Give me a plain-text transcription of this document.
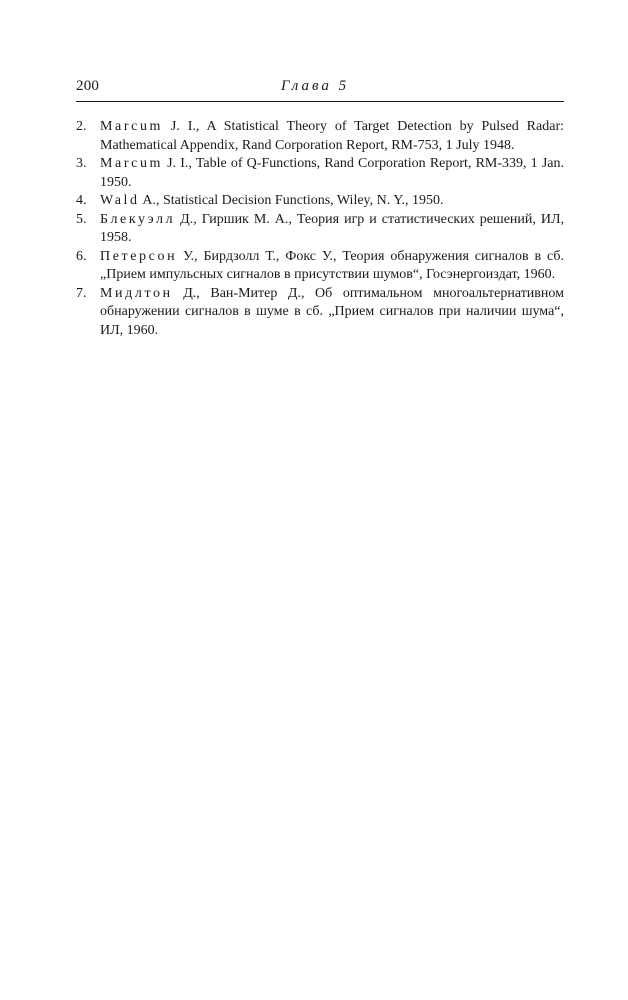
200	Глава 5
2. Marcum J. I., A Statistical Theory of Target Detection by Pulsed Radar: Mathematical Appendix, Rand Corporation Report, RM-753, 1 July 1948.
3. Marcum J. I., Table of Q-Functions, Rand Corporation Report, RM-339, 1 Jan. 1950.
4. Wald A., Statistical Decision Functions, Wiley, N. Y., 1950.
5. Блекуэлл Д., Гиршик М. А., Теория игр и статистических решений, ИЛ, 1958.
6. Петерсон У., Бирдзолл Т., Фокс У., Теория обнаружения сигналов в сб. „Прием импульсных сигналов в присутствии шумов“, Госэнергоиздат, 1960.
7. Мидлтон Д., Ван-Митер Д., Об оптимальном многоальтернативном обнаружении сигналов в шуме в сб. „Прием сигналов при наличии шума“, ИЛ, 1960.
